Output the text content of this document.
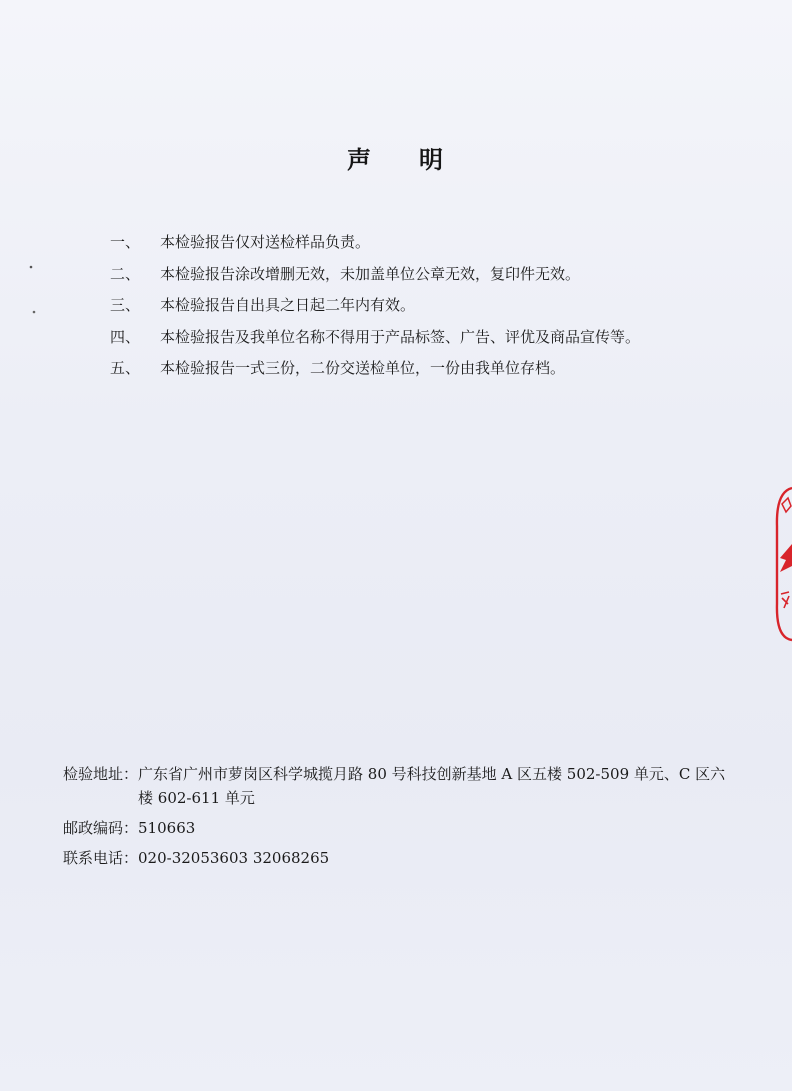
声 明
一、 本检验报告仅对送检样品负责。
二、 本检验报告涂改增删无效，未加盖单位公章无效，复印件无效。
三、 本检验报告自出具之日起二年内有效。
四、 本检验报告及我单位名称不得用于产品标签、广告、评优及商品宣传等。
五、 本检验报告一式三份，二份交送检单位，一份由我单位存档。
检验地址： 广东省广州市萝岗区科学城揽月路 80 号科技创新基地 A 区五楼 502-509 单元、C 区六楼 602-611 单元
邮政编码： 510663
联系电话： 020-32053603 32068265
